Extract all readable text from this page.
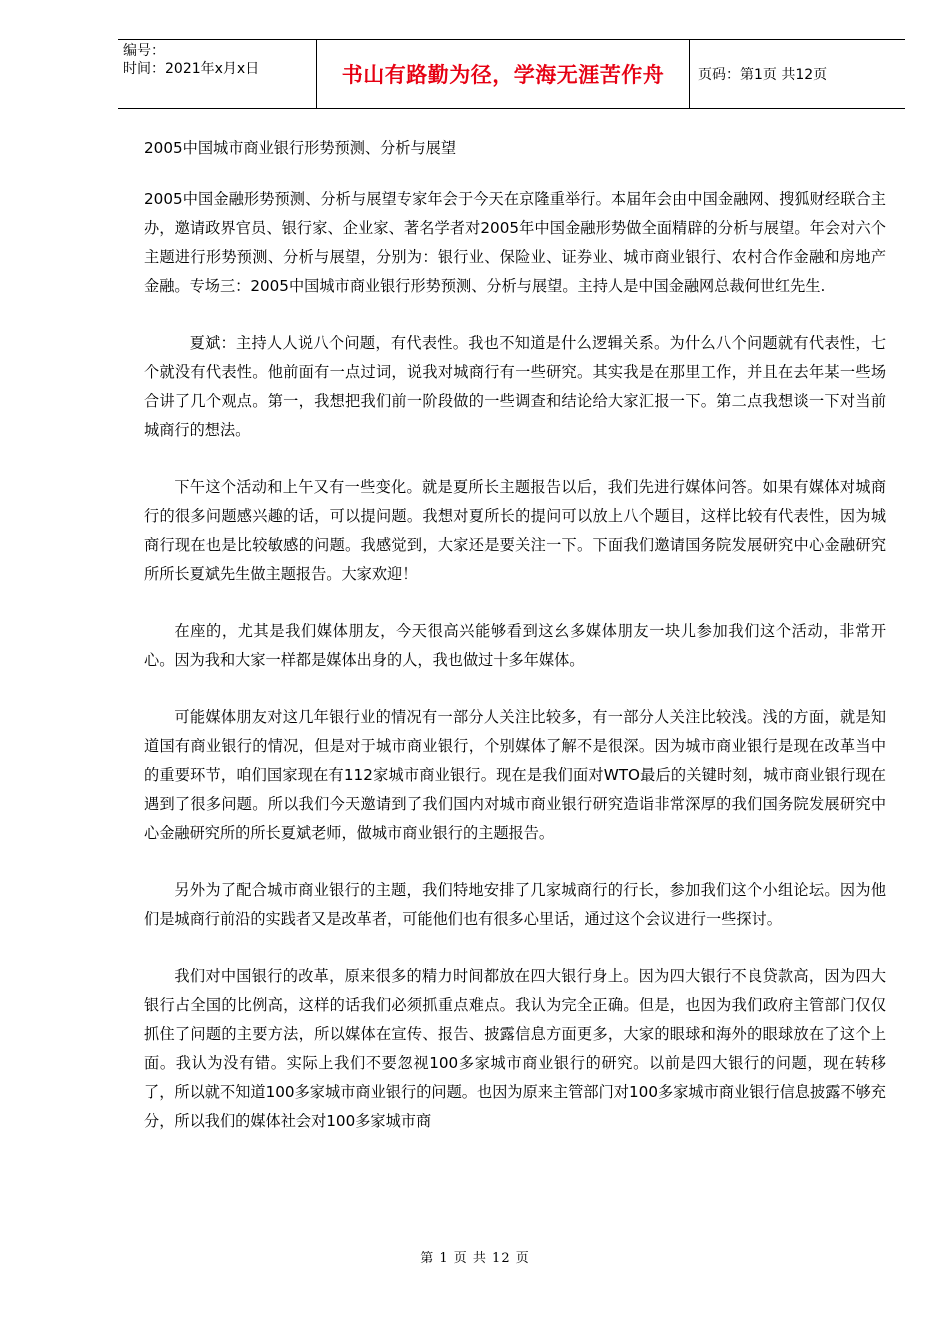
编号：
时间：2021年x月x日	书山有路勤为径，学海无涯苦作舟 页码：第1页 共12页

2005中国城市商业银行形势预测、分析与展望

2005中国金融形势预测、分析与展望专家年会于今天在京隆重举行。本届年会由中国金融网、搜狐财经联合主办，邀请政界官员、银行家、企业家、著名学者对2005年中国金融形势做全面精辟的分析与展望。年会对六个主题进行形势预测、分析与展望，分别为：银行业、保险业、证券业、城市商业银行、农村合作金融和房地产金融。专场三：2005中国城市商业银行形势预测、分析与展望。主持人是中国金融网总裁何世红先生.

夏斌：主持人人说八个问题，有代表性。我也不知道是什么逻辑关系。为什么八个问题就有代表性，七个就没有代表性。他前面有一点过词，说我对城商行有一些研究。其实我是在那里工作，并且在去年某一些场合讲了几个观点。第一，我想把我们前一阶段做的一些调查和结论给大家汇报一下。第二点我想谈一下对当前城商行的想法。

下午这个活动和上午又有一些变化。就是夏所长主题报告以后，我们先进行媒体问答。如果有媒体对城商行的很多问题感兴趣的话，可以提问题。我想对夏所长的提问可以放上八个题目，这样比较有代表性，因为城商行现在也是比较敏感的问题。我感觉到，大家还是要关注一下。下面我们邀请国务院发展研究中心金融研究所所长夏斌先生做主题报告。大家欢迎！

在座的，尤其是我们媒体朋友，今天很高兴能够看到这幺多媒体朋友一块儿参加我们这个活动，非常开心。因为我和大家一样都是媒体出身的人，我也做过十多年媒体。

可能媒体朋友对这几年银行业的情况有一部分人关注比较多，有一部分人关注比较浅。浅的方面，就是知道国有商业银行的情况，但是对于城市商业银行，个别媒体了解不是很深。因为城市商业银行是现在改革当中的重要环节，咱们国家现在有112家城市商业银行。现在是我们面对WTO最后的关键时刻，城市商业银行现在遇到了很多问题。所以我们今天邀请到了我们国内对城市商业银行研究造诣非常深厚的我们国务院发展研究中心金融研究所的所长夏斌老师，做城市商业银行的主题报告。

另外为了配合城市商业银行的主题，我们特地安排了几家城商行的行长，参加我们这个小组论坛。因为他们是城商行前沿的实践者又是改革者，可能他们也有很多心里话，通过这个会议进行一些探讨。

我们对中国银行的改革，原来很多的精力时间都放在四大银行身上。因为四大银行不良贷款高，因为四大银行占全国的比例高，这样的话我们必须抓重点难点。我认为完全正确。但是，也因为我们政府主管部门仅仅抓住了问题的主要方法，所以媒体在宣传、报告、披露信息方面更多，大家的眼球和海外的眼球放在了这个上面。我认为没有错。实际上我们不要忽视100多家城市商业银行的研究。以前是四大银行的问题，现在转移了，所以就不知道100多家城市商业银行的问题。也因为原来主管部门对100多家城市商业银行信息披露不够充分，所以我们的媒体社会对100多家城市商

第 1 页 共 12 页
